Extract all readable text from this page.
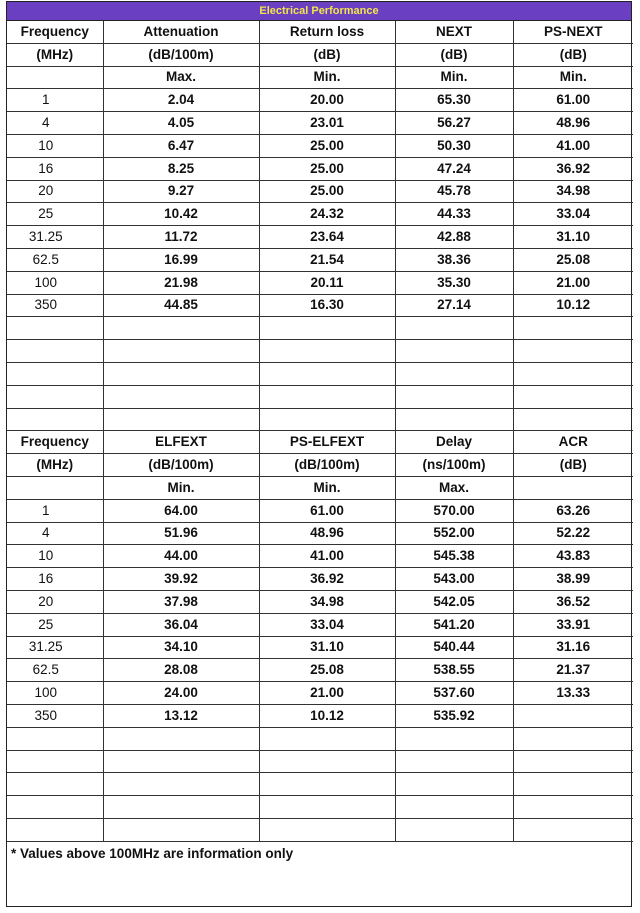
Electrical Performance
Frequency	Attenuation	Return loss	NEXT	PS-NEXT
(MHz)	(dB/100m)	(dB)	(dB)	(dB)
	Max.	Min.	Min.	Min.
1	2.04	20.00	65.30	61.00
4	4.05	23.01	56.27	48.96
10	6.47	25.00	50.30	41.00
16	8.25	25.00	47.24	36.92
20	9.27	25.00	45.78	34.98
25	10.42	24.32	44.33	33.04
31.25	11.72	23.64	42.88	31.10
62.5	16.99	21.54	38.36	25.08
100	21.98	20.11	35.30	21.00
350	44.85	16.30	27.14	10.12

Frequency	ELFEXT	PS-ELFEXT	Delay	ACR
(MHz)	(dB/100m)	(dB/100m)	(ns/100m)	(dB)
	Min.	Min.	Max.	
1	64.00	61.00	570.00	63.26
4	51.96	48.96	552.00	52.22
10	44.00	41.00	545.38	43.83
16	39.92	36.92	543.00	38.99
20	37.98	34.98	542.05	36.52
25	36.04	33.04	541.20	33.91
31.25	34.10	31.10	540.44	31.16
62.5	28.08	25.08	538.55	21.37
100	24.00	21.00	537.60	13.33
350	13.12	10.12	535.92	

* Values above 100MHz are information only
